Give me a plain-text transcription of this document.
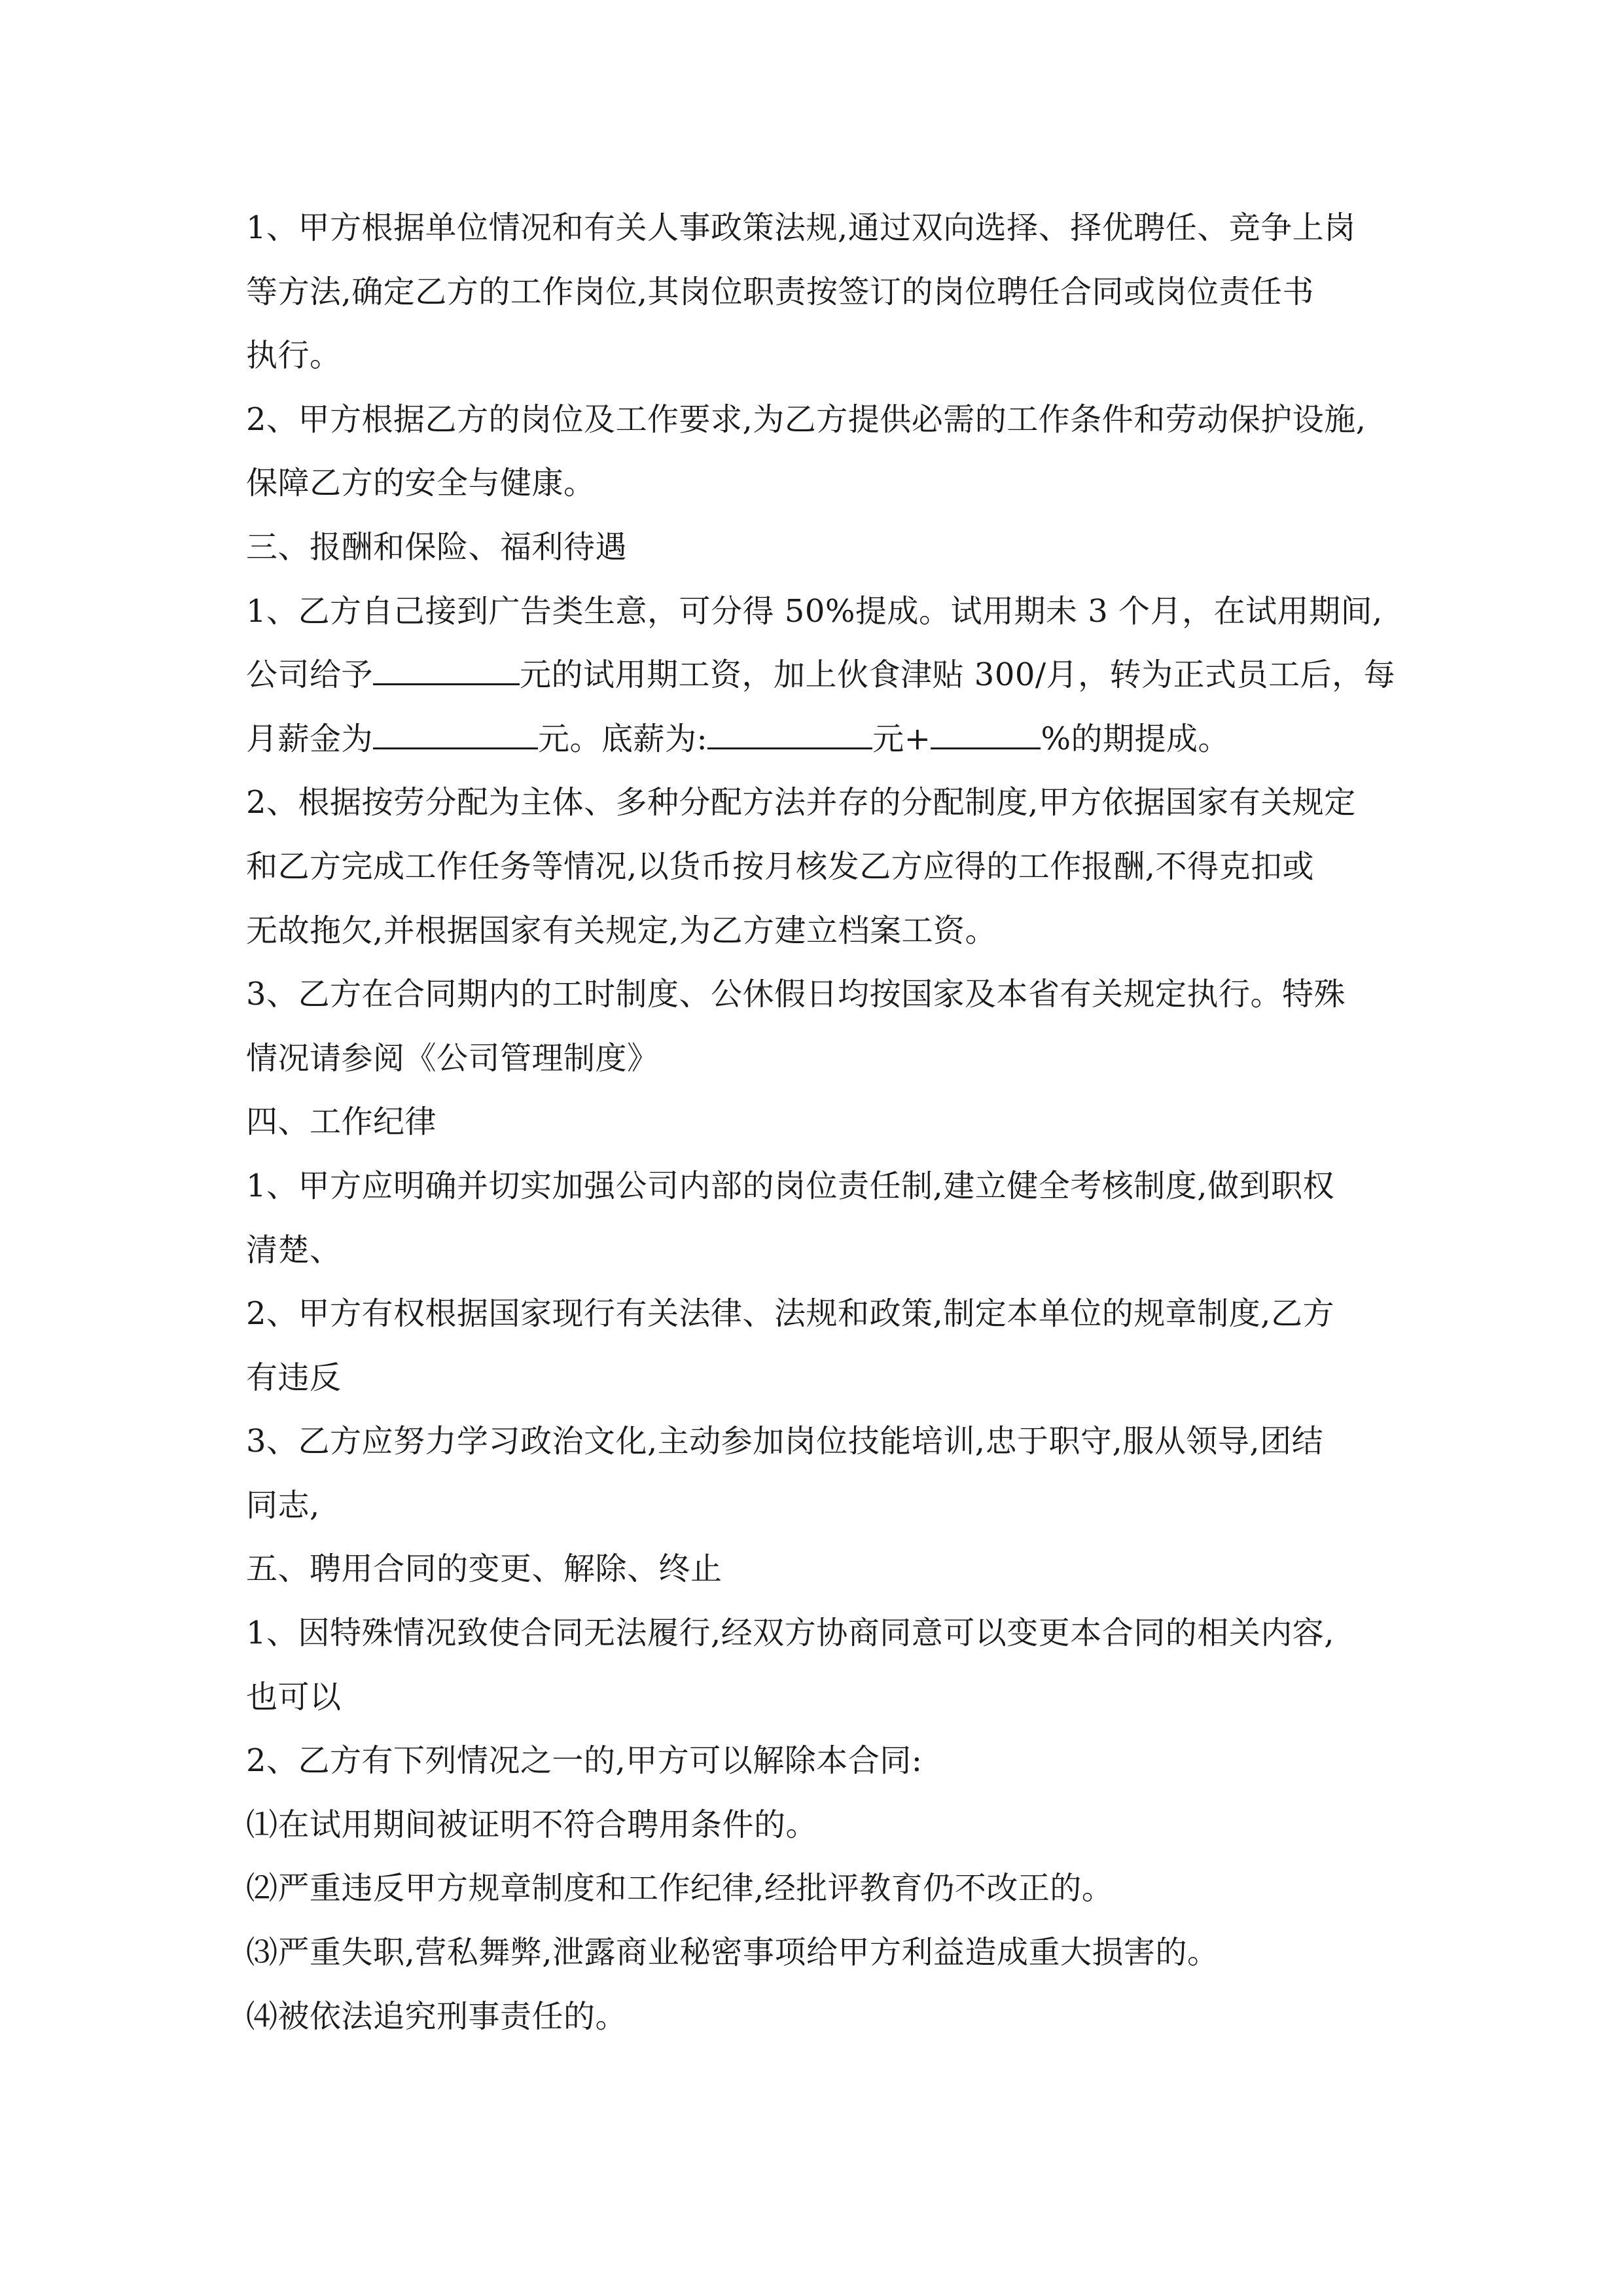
1、甲方根据单位情况和有关人事政策法规,通过双向选择、择优聘任、竞争上岗
等方法,确定乙方的工作岗位,其岗位职责按签订的岗位聘任合同或岗位责任书
执行。
2、甲方根据乙方的岗位及工作要求,为乙方提供必需的工作条件和劳动保护设施,
保障乙方的安全与健康。
三、报酬和保险、福利待遇
1、乙方自己接到广告类生意，可分得 50%提成。试用期未 3 个月，在试用期间,
公司给予	元的试用期工资，加上伙食津贴 300/月，转为正式员工后，每
月薪金为	元。底薪为:	元+	%的期提成。
2、根据按劳分配为主体、多种分配方法并存的分配制度,甲方依据国家有关规定
和乙方完成工作任务等情况,以货币按月核发乙方应得的工作报酬,不得克扣或
无故拖欠,并根据国家有关规定,为乙方建立档案工资。
3、乙方在合同期内的工时制度、公休假日均按国家及本省有关规定执行。特殊
情况请参阅《公司管理制度》
四、工作纪律
1、甲方应明确并切实加强公司内部的岗位责任制,建立健全考核制度,做到职权
清楚、
2、甲方有权根据国家现行有关法律、法规和政策,制定本单位的规章制度,乙方
有违反
3、乙方应努力学习政治文化,主动参加岗位技能培训,忠于职守,服从领导,团结
同志,
五、聘用合同的变更、解除、终止
1、因特殊情况致使合同无法履行,经双方协商同意可以变更本合同的相关内容,
也可以
2、乙方有下列情况之一的,甲方可以解除本合同:
⑴在试用期间被证明不符合聘用条件的。
⑵严重违反甲方规章制度和工作纪律,经批评教育仍不改正的。
⑶严重失职,营私舞弊,泄露商业秘密事项给甲方利益造成重大损害的。
⑷被依法追究刑事责任的。
